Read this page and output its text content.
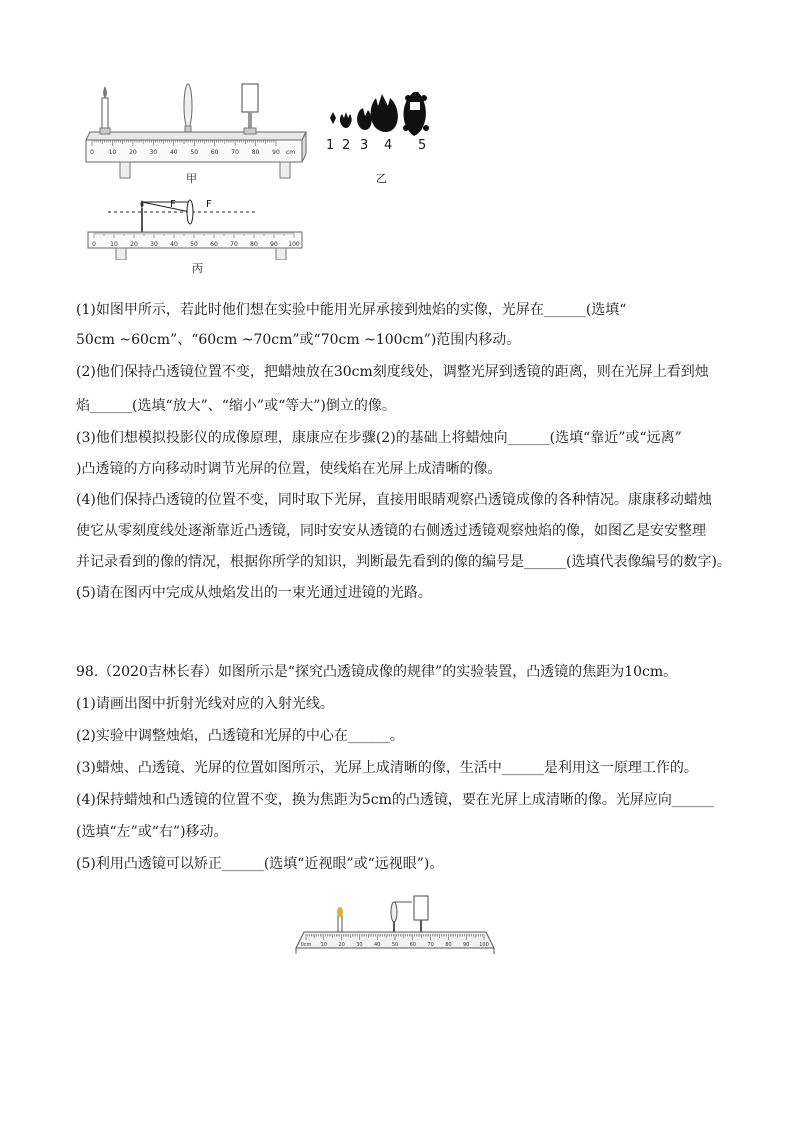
0 10 20 30 40 50 60 70 80 90 cm
甲
1 2 3 4 5
乙
0 10 20 30 40 50 60 70 80 90 100
F	F
丙
(1)如图甲所示，若此时他们想在实验中能用光屏承接到烛焰的实像，光屏在______(选填“
50cm ~60cm”、“60cm ~70cm”或“70cm ~100cm”)范围内移动。
(2)他们保持凸透镜位置不变，把蜡烛放在30cm刻度线处，调整光屏到透镜的距离，则在光屏上看到烛
焰______(选填“放大”、“缩小”或“等大”)倒立的像。
(3)他们想模拟投影仪的成像原理，康康应在步骤(2)的基础上将蜡烛向______(选填“靠近”或“远离”
)凸透镜的方向移动时调节光屏的位置，使线焰在光屏上成清晰的像。
(4)他们保持凸透镜的位置不变，同时取下光屏，直接用眼睛观察凸透镜成像的各种情况。康康移动蜡烛
使它从零刻度线处逐渐靠近凸透镜，同时安安从透镜的右侧透过透镜观察烛焰的像，如图乙是安安整理
并记录看到的像的情况，根据你所学的知识，判断最先看到的像的编号是______(选填代表像编号的数字)。
(5)请在图丙中完成从烛焰发出的一束光通过进镜的光路。
98.（2020吉林长春）如图所示是“探究凸透镜成像的规律”的实验装置，凸透镜的焦距为10cm。
(1)请画出图中折射光线对应的入射光线。
(2)实验中调整烛焰，凸透镜和光屏的中心在______。
(3)蜡烛、凸透镜、光屏的位置如图所示，光屏上成清晰的像，生活中______是利用这一原理工作的。
(4)保持蜡烛和凸透镜的位置不变，换为焦距为5cm的凸透镜，要在光屏上成清晰的像。光屏应向______
(选填“左”或“右”)移动。
(5)利用凸透镜可以矫正______(选填“近视眼”或“远视眼”)。
0cm 10 20 30 40 50 60 70 80 90 100
